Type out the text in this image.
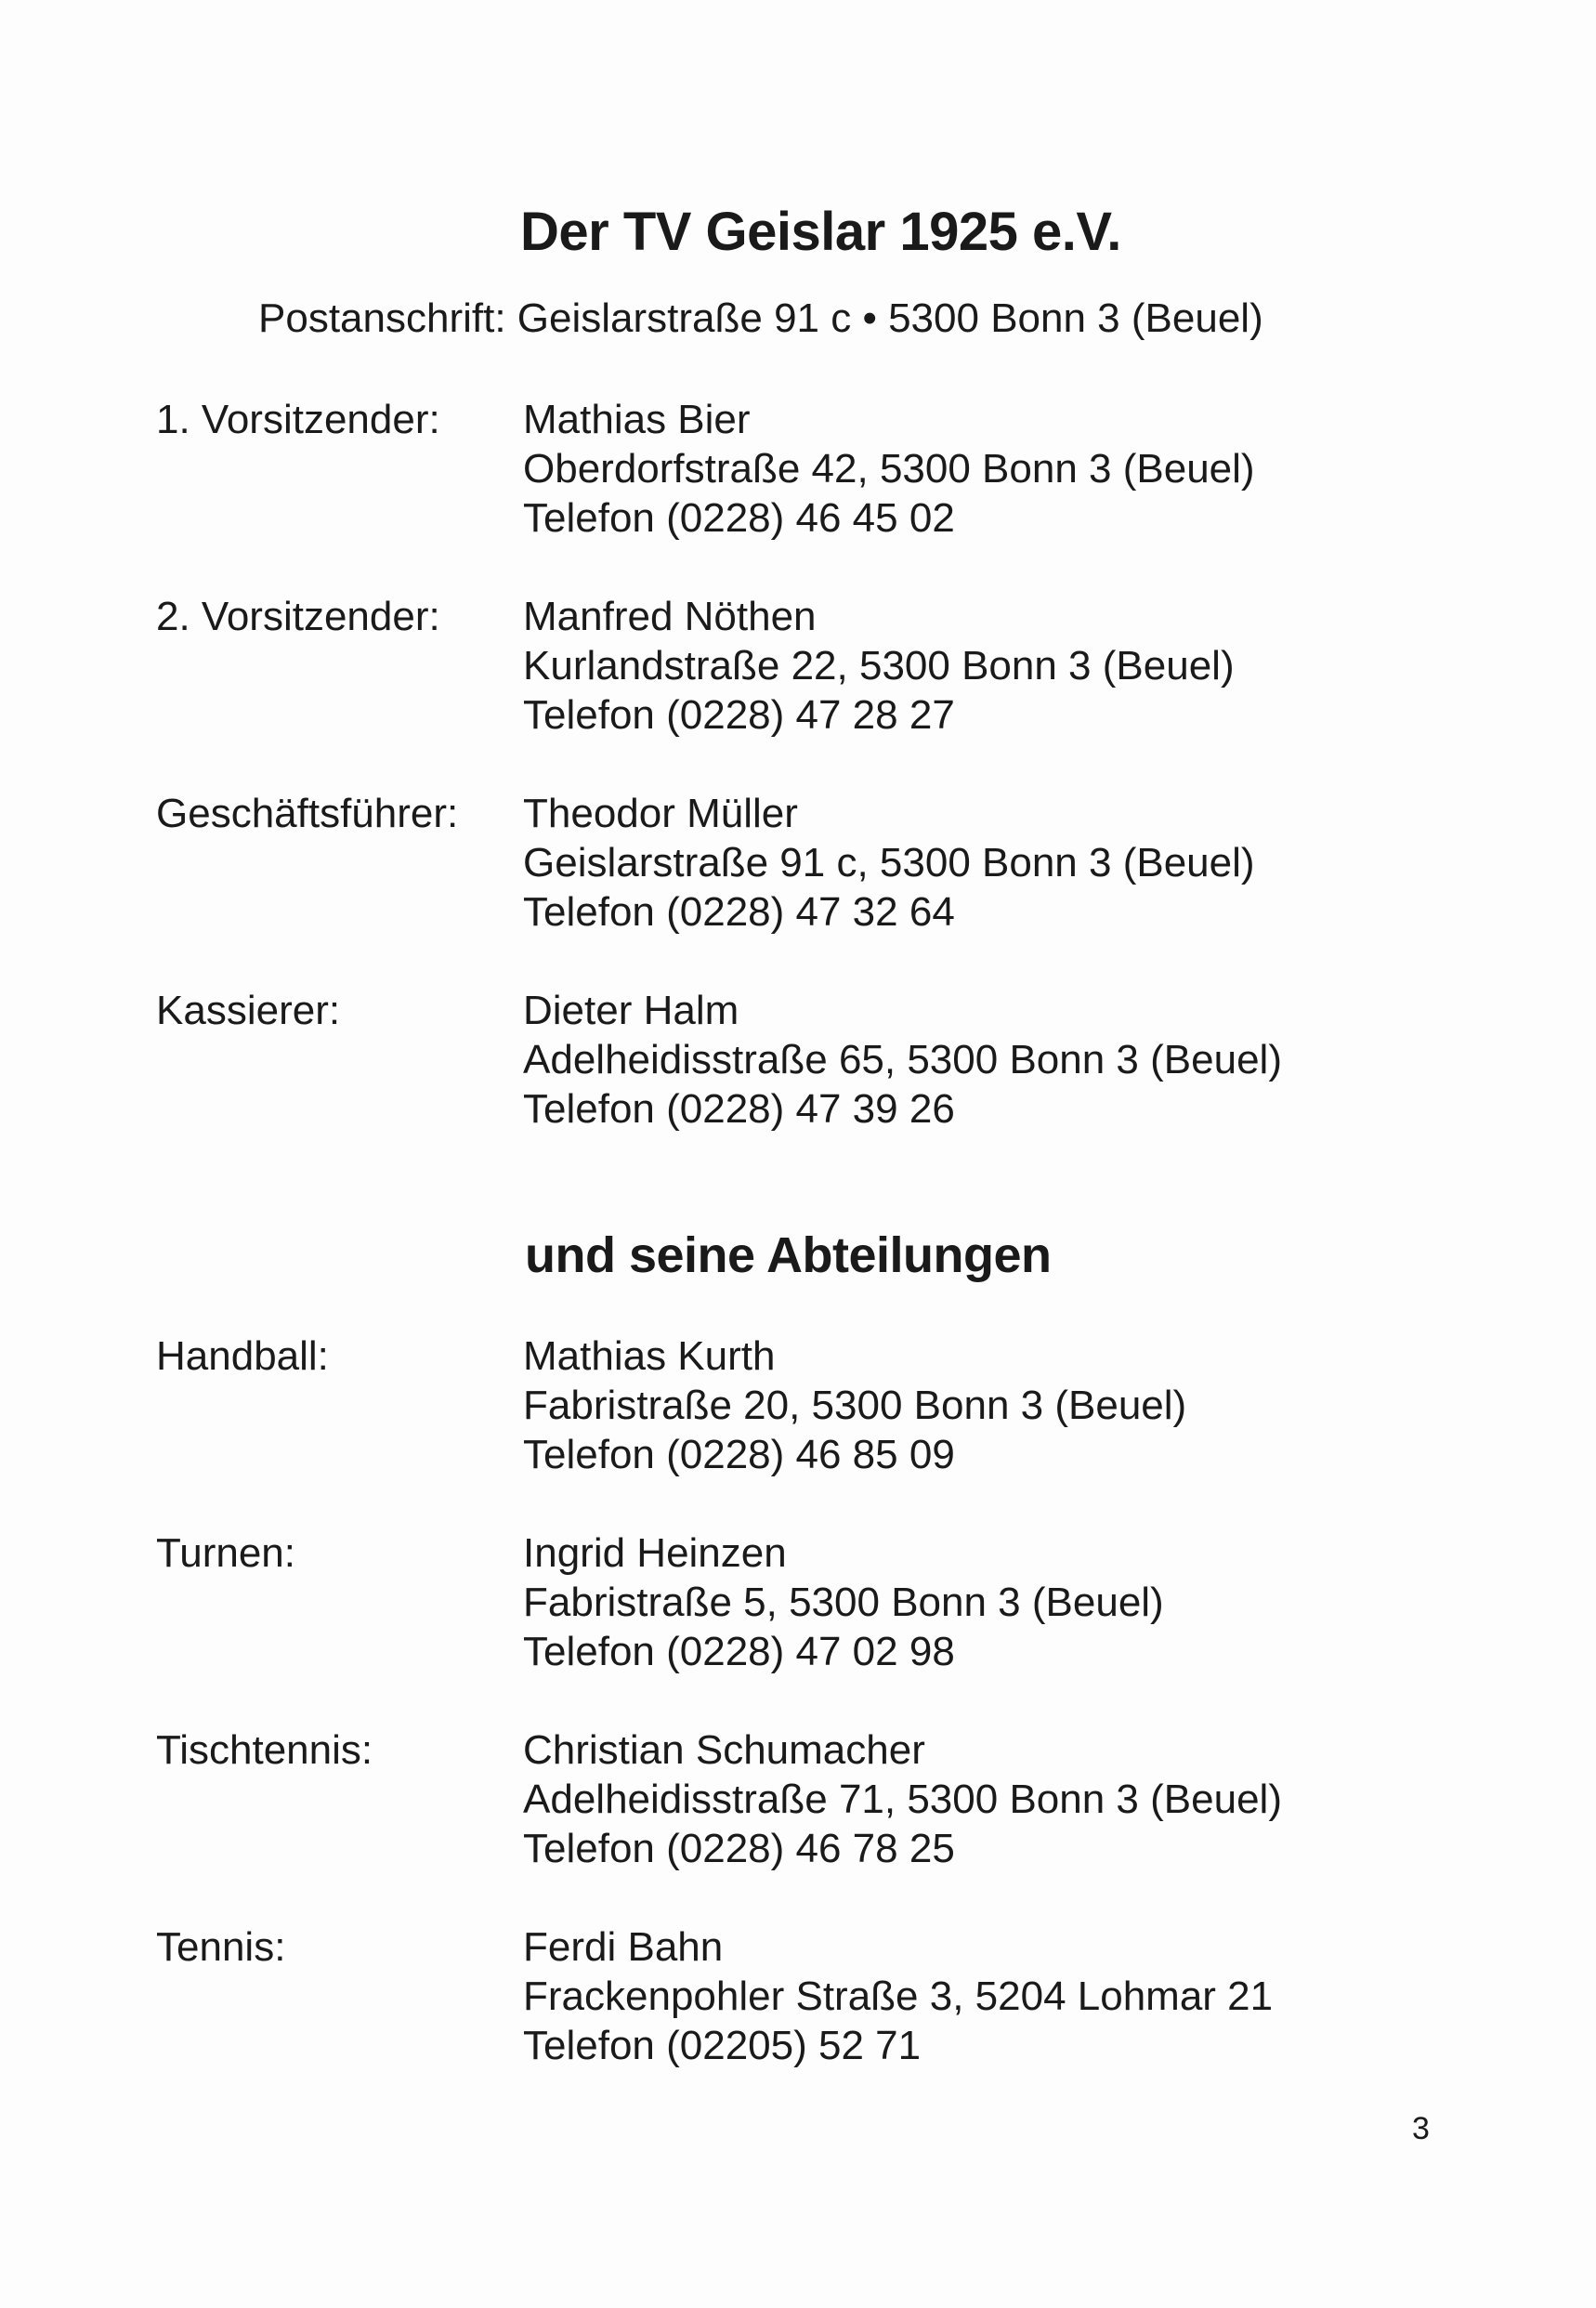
Der TV Geislar 1925 e.V.
Postanschrift: Geislarstraße 91 c • 5300 Bonn 3 (Beuel)
1. Vorsitzender: Mathias Bier
Oberdorfstraße 42, 5300 Bonn 3 (Beuel)
Telefon (0228) 46 45 02
2. Vorsitzender: Manfred Nöthen
Kurlandstraße 22, 5300 Bonn 3 (Beuel)
Telefon (0228) 47 28 27
Geschäftsführer: Theodor Müller
Geislarstraße 91 c, 5300 Bonn 3 (Beuel)
Telefon (0228) 47 32 64
Kassierer:	Dieter Halm
Adelheidisstraße 65, 5300 Bonn 3 (Beuel)
Telefon (0228) 47 39 26
und seine Abteilungen
Handball:	Mathias Kurth
Fabristraße 20, 5300 Bonn 3 (Beuel)
Telefon (0228) 46 85 09
Turnen:	Ingrid Heinzen
Fabristraße 5, 5300 Bonn 3 (Beuel)
Telefon (0228) 47 02 98
Tischtennis:	Christian Schumacher
Adelheidisstraße 71, 5300 Bonn 3 (Beuel)
Telefon (0228) 46 78 25
Tennis:	Ferdi Bahn
Frackenpohler Straße 3, 5204 Lohmar 21
Telefon (02205) 52 71
3
